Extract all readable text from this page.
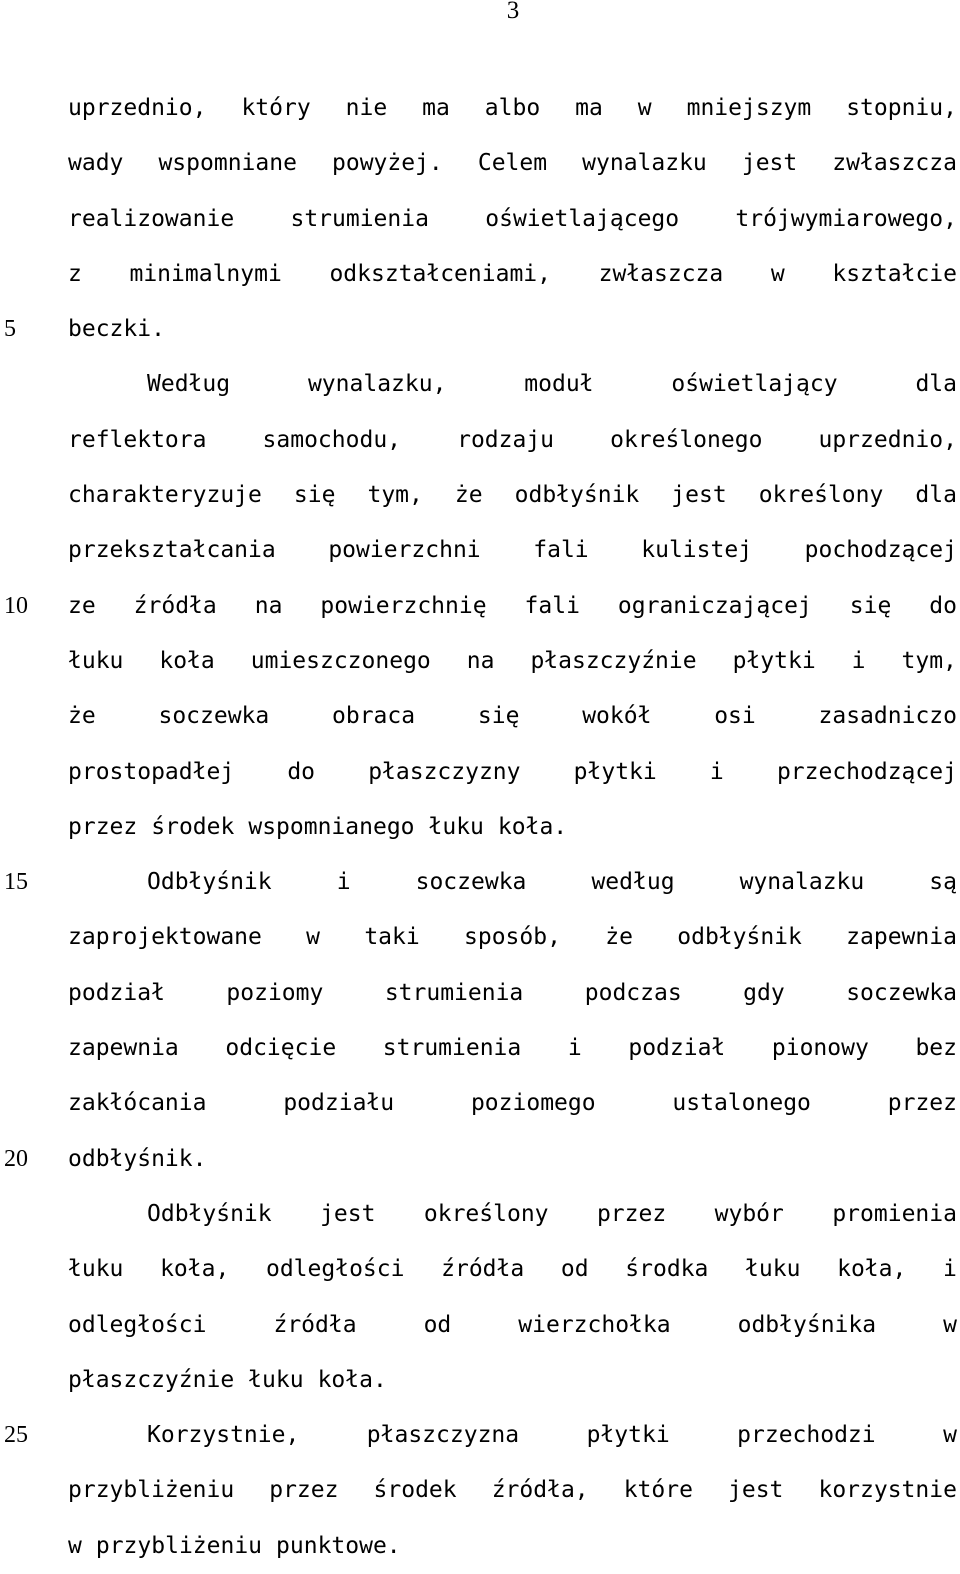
3
5
10
15
20
25
uprzednio, który nie ma albo ma w mniejszym stopniu,
wady wspomniane powyżej. Celem wynalazku jest zwłaszcza
realizowanie strumienia oświetlającego trójwymiarowego,
z minimalnymi odkształceniami, zwłaszcza w kształcie
beczki.
Według	wynalazku,	moduł	oświetlający	dla
reflektora samochodu, rodzaju określonego uprzednio,
charakteryzuje się tym, że odbłyśnik jest określony dla
przekształcania powierzchni fali kulistej pochodzącej
ze źródła na powierzchnię fali ograniczającej się do
łuku koła umieszczonego na płaszczyźnie płytki i tym,
że	soczewka	obraca	się	wokół	osi	zasadniczo
prostopadłej do płaszczyzny płytki i przechodzącej
przez środek wspomnianego łuku koła.
Odbłyśnik	i	soczewka	według	wynalazku	są
zaprojektowane w taki sposób, że odbłyśnik zapewnia
podział	poziomy	strumienia	podczas	gdy	soczewka
zapewnia odcięcie strumienia i podział pionowy bez
zakłócania	podziału	poziomego	ustalonego	przez
odbłyśnik.
Odbłyśnik jest określony przez wybór promienia
łuku koła, odległości źródła od środka łuku koła, i
odległości	źródła	od	wierzchołka	odbłyśnika	w
płaszczyźnie łuku koła.
Korzystnie,	płaszczyzna	płytki	przechodzi	w
przybliżeniu przez środek źródła, które jest korzystnie
w przybliżeniu punktowe.
